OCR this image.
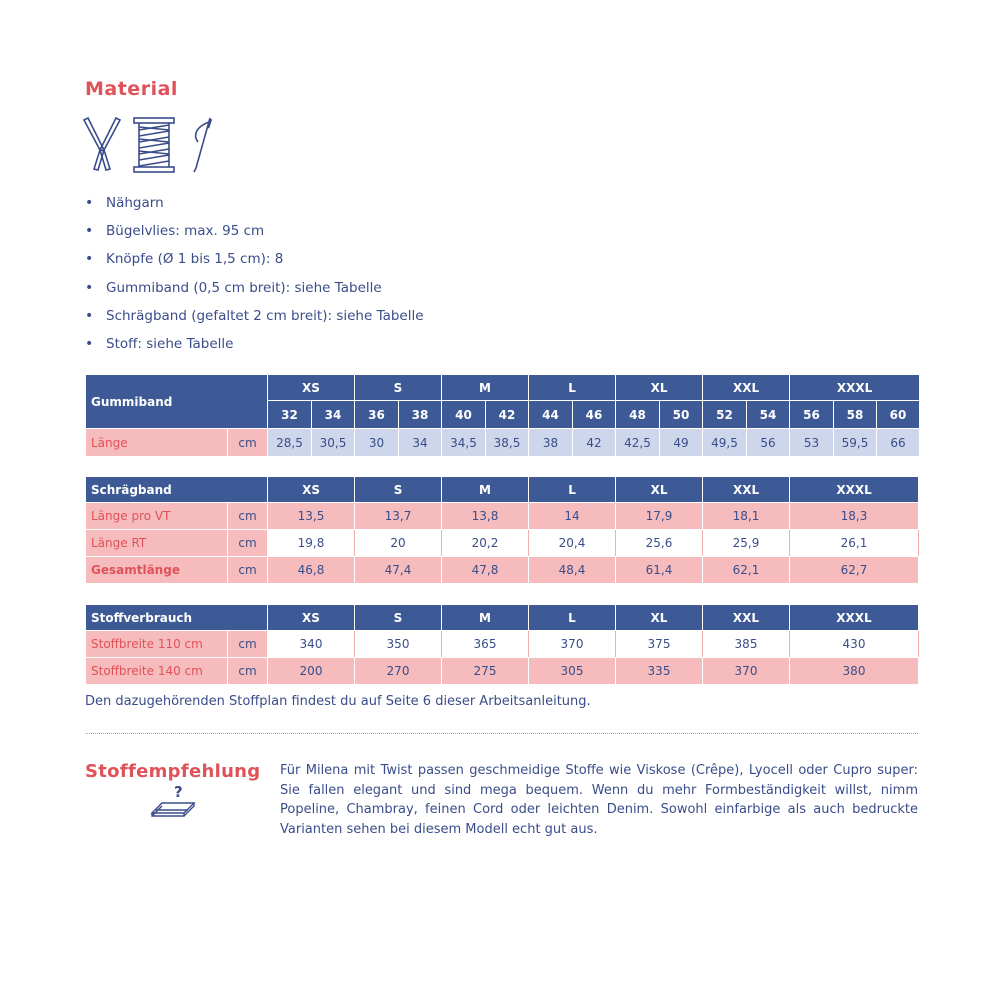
Material
• Nähgarn
• Bügelvlies: max. 95 cm
• Knöpfe (Ø 1 bis 1,5 cm): 8
• Gummiband (0,5 cm breit): siehe Tabelle
• Schrägband (gefaltet 2 cm breit): siehe Tabelle
• Stoff: siehe Tabelle
Gummiband		XS		S		M		L		XL		XXL		XXXL		
		32	34	36	38	40	42	44	46	48	50	52	54	56	58	60
Länge	cm	28,5	30,5	30	34	34,5	38,5	38	42	42,5	49	49,5	56	53	59,5	66
Schrägband		XS	S	M	L	XL	XXL	XXXL
Länge pro VT	cm	13,5	13,7	13,8	14	17,9	18,1	18,3
Länge RT	cm	19,8	20	20,2	20,4	25,6	25,9	26,1
Gesamtlänge	cm	46,8	47,4	47,8	48,4	61,4	62,1	62,7
Stoffverbrauch		XS	S	M	L	XL	XXL	XXXL
Stoffbreite 110 cm	cm	340	350	365	370	375	385	430
Stoffbreite 140 cm	cm	200	270	275	305	335	370	380
Den dazugehörenden Stoffplan findest du auf Seite 6 dieser Arbeitsanleitung.
Stoffempfehlung
?
Für Milena mit Twist passen geschmeidige Stoffe wie Viskose (Crêpe), Lyocell oder Cupro super: Sie fallen elegant und sind mega bequem. Wenn du mehr Formbeständigkeit willst, nimm Popeline, Chambray, feinen Cord oder leichten Denim. Sowohl einfarbige als auch bedruckte Varianten sehen bei diesem Modell echt gut aus.
